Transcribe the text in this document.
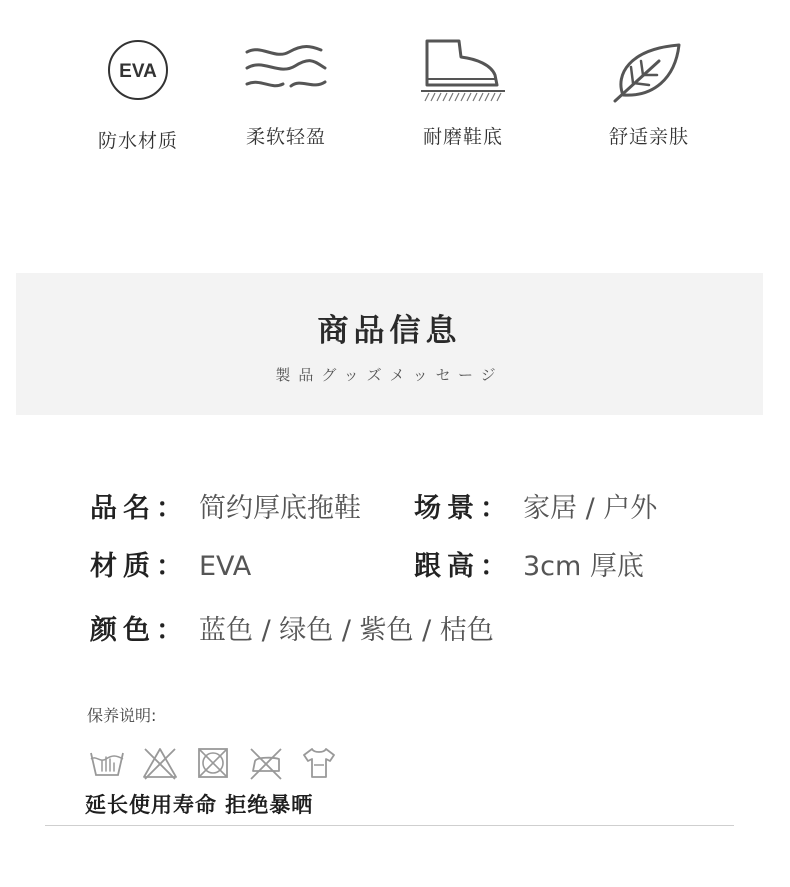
EVA
防水材质	柔软轻盈	耐磨鞋底	舒适亲肤
商品信息
製品グッズメッセージ
品名： 简约厚底拖鞋 场景： 家居 / 户外
材质： EVA	跟高： 3cm 厚底
颜色： 蓝色 / 绿色 / 紫色 / 桔色
保养说明:
延长使用寿命 拒绝暴晒
